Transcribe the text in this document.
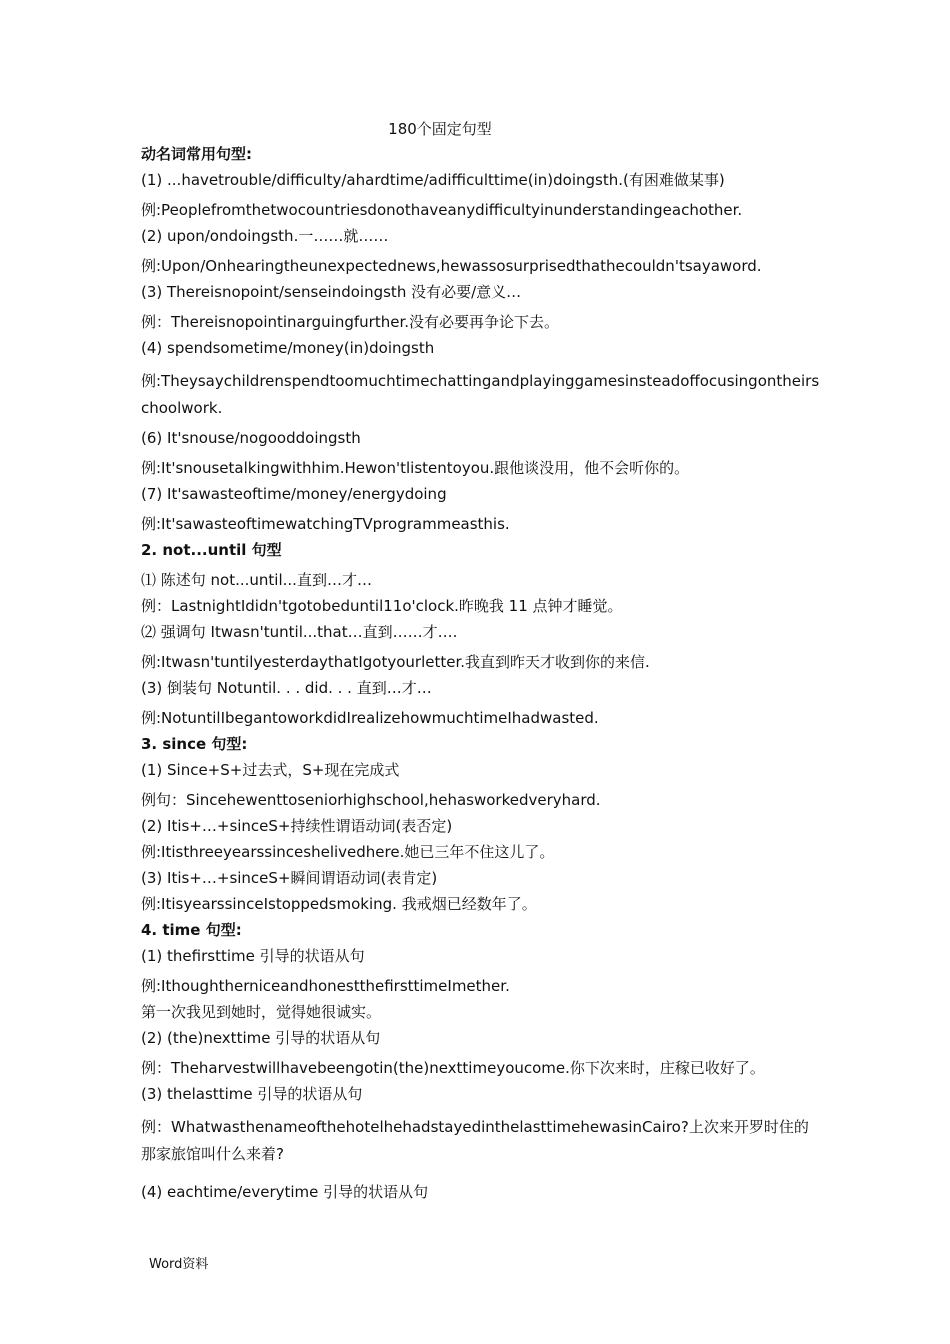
180个固定句型
动名词常用句型:
(1) ...havetrouble/difficulty/ahardtime/adifficulttime(in)doingsth.(有困难做某事)
例:Peoplefromthetwocountriesdonothaveanydifficultyinunderstandingeachother.
(2) upon/ondoingsth.一……就……
例:Upon/Onhearingtheunexpectednews,hewassosurprisedthathecouldn'tsayaword.
(3) Thereisnopoint/senseindoingsth 没有必要/意义…
例：Thereisnopointinarguingfurther.没有必要再争论下去。
(4) spendsometime/money(in)doingsth
例:Theysaychildrenspendtoomuchtimechattingandplayinggamesinsteadoffocusingontheirschoolwork.
(6) It'snouse/nogooddoingsth
例:It'snousetalkingwithhim.Hewon'tlistentoyou.跟他谈没用，他不会听你的。
(7) It'sawasteoftime/money/energydoing
例:It'sawasteoftimewatchingTVprogrammeasthis.
2. not...until 句型
⑴ 陈述句 not...until...直到…才…
例：LastnightIdidn'tgotobeduntil11o'clock.昨晚我 11 点钟才睡觉。
⑵ 强调句 Itwasn'tuntil...that…直到……才….
例:Itwasn'tuntilyesterdaythatIgotyourletter.我直到昨天才收到你的来信.
(3) 倒装句 Notuntil. . . did. . . 直到…才…
例:NotuntilIbegantoworkdidIrealizehowmuchtimeIhadwasted.
3. since 句型:
(1) Since+S+过去式，S+现在完成式
例句：Sincehewenttoseniorhighschool,hehasworkedveryhard.
(2) Itis+…+sinceS+持续性谓语动词(表否定)
例:Itisthreeyearssinceshelivedhere.她已三年不住这儿了。
(3) Itis+…+sinceS+瞬间谓语动词(表肯定)
例:ItisyearssinceIstoppedsmoking. 我戒烟已经数年了。
4. time 句型:
(1) thefirsttime 引导的状语从句
例:IthoughtherniceandhonestthefirsttimeImether.
第一次我见到她时，觉得她很诚实。
(2) (the)nexttime 引导的状语从句
例：Theharvestwillhavebeengotin(the)nexttimeyoucome.你下次来时，庄稼已收好了。
(3) thelasttime 引导的状语从句
例：WhatwasthenameofthehotelhehadstayedinthelasttimehewasinCairo?上次来开罗时住的那家旅馆叫什么来着?
(4) eachtime/everytime 引导的状语从句
Word资料
